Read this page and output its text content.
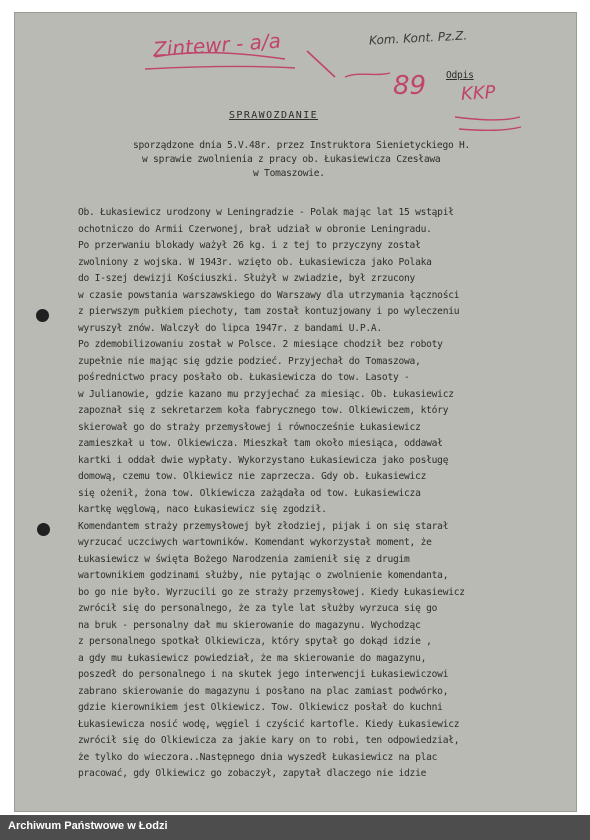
Zintewr - a/a	Kom. Kont. Pz.Z.
89 KKP
Odpis
SPRAWOZDANIE
sporządzone dnia 5.V.48r. przez Instruktora Sienietyckiego H.
w sprawie zwolnienia z pracy ob. Łukasiewicza Czesława
w Tomaszowie.
Ob. Łukasiewicz urodzony w Leningradzie - Polak mając lat 15 wstąpił
ochotniczo do Armii Czerwonej, brał udział w obronie Leningradu.
Po przerwaniu blokady ważył 26 kg. i z tej to przyczyny został
zwolniony z wojska. W 1943r. wzięto ob. Łukasiewicza jako Polaka
do I-szej dewizji Kościuszki. Służył w zwiadzie, był zrzucony
w czasie powstania warszawskiego do Warszawy dla utrzymania łączności
z pierwszym pułkiem piechoty, tam został kontuzjowany i po wyleczeniu
wyruszył znów. Walczył do lipca 1947r. z bandami U.P.A.
Po zdemobilizowaniu został w Polsce. 2 miesiące chodził bez roboty
zupełnie nie mając się gdzie podzieć. Przyjechał do Tomaszowa,
pośrednictwo pracy posłało ob. Łukasiewicza do tow. Lasoty -
w Julianowie, gdzie kazano mu przyjechać za miesiąc. Ob. Łukasiewicz
zapoznał się z sekretarzem koła fabrycznego tow. Olkiewiczem, który
skierował go do straży przemysłowej i równocześnie Łukasiewicz
zamieszkał u tow. Olkiewicza. Mieszkał tam około miesiąca, oddawał
kartki i oddał dwie wypłaty. Wykorzystano Łukasiewicza jako posługę
domową, czemu tow. Olkiewicz nie zaprzecza. Gdy ob. Łukasiewicz
się ożenił, żona tow. Olkiewicza zażądała od tow. Łukasiewicza
kartkę węglową, naco Łukasiewicz się zgodził.
Komendantem straży przemysłowej był złodziej, pijak i on się starał
wyrzucać uczciwych wartowników. Komendant wykorzystał moment, że
Łukasiewicz w święta Bożego Narodzenia zamienił się z drugim
wartownikiem godzinami służby, nie pytając o zwolnienie komendanta,
bo go nie było. Wyrzucili go ze straży przemysłowej. Kiedy Łukasiewicz
zwrócił się do personalnego, że za tyle lat służby wyrzuca się go
na bruk - personalny dał mu skierowanie do magazynu. Wychodząc
z personalnego spotkał Olkiewicza, który spytał go dokąd idzie ,
a gdy mu Łukasiewicz powiedział, że ma skierowanie do magazynu,
poszedł do personalnego i na skutek jego interwencji Łukasiewiczowi
zabrano skierowanie do magazynu i posłano na plac zamiast podwórko,
gdzie kierownikiem jest Olkiewicz. Tow. Olkiewicz posłał do kuchni
Łukasiewicza nosić wodę, węgiel i czyścić kartofle. Kiedy Łukasiewicz
zwrócił się do Olkiewicza za jakie kary on to robi, ten odpowiedział,
że tylko do wieczora..Następnego dnia wyszedł Łukasiewicz na plac
pracować, gdy Olkiewicz go zobaczył, zapytał dlaczego nie idzie
Archiwum Państwowe w Łodzi
